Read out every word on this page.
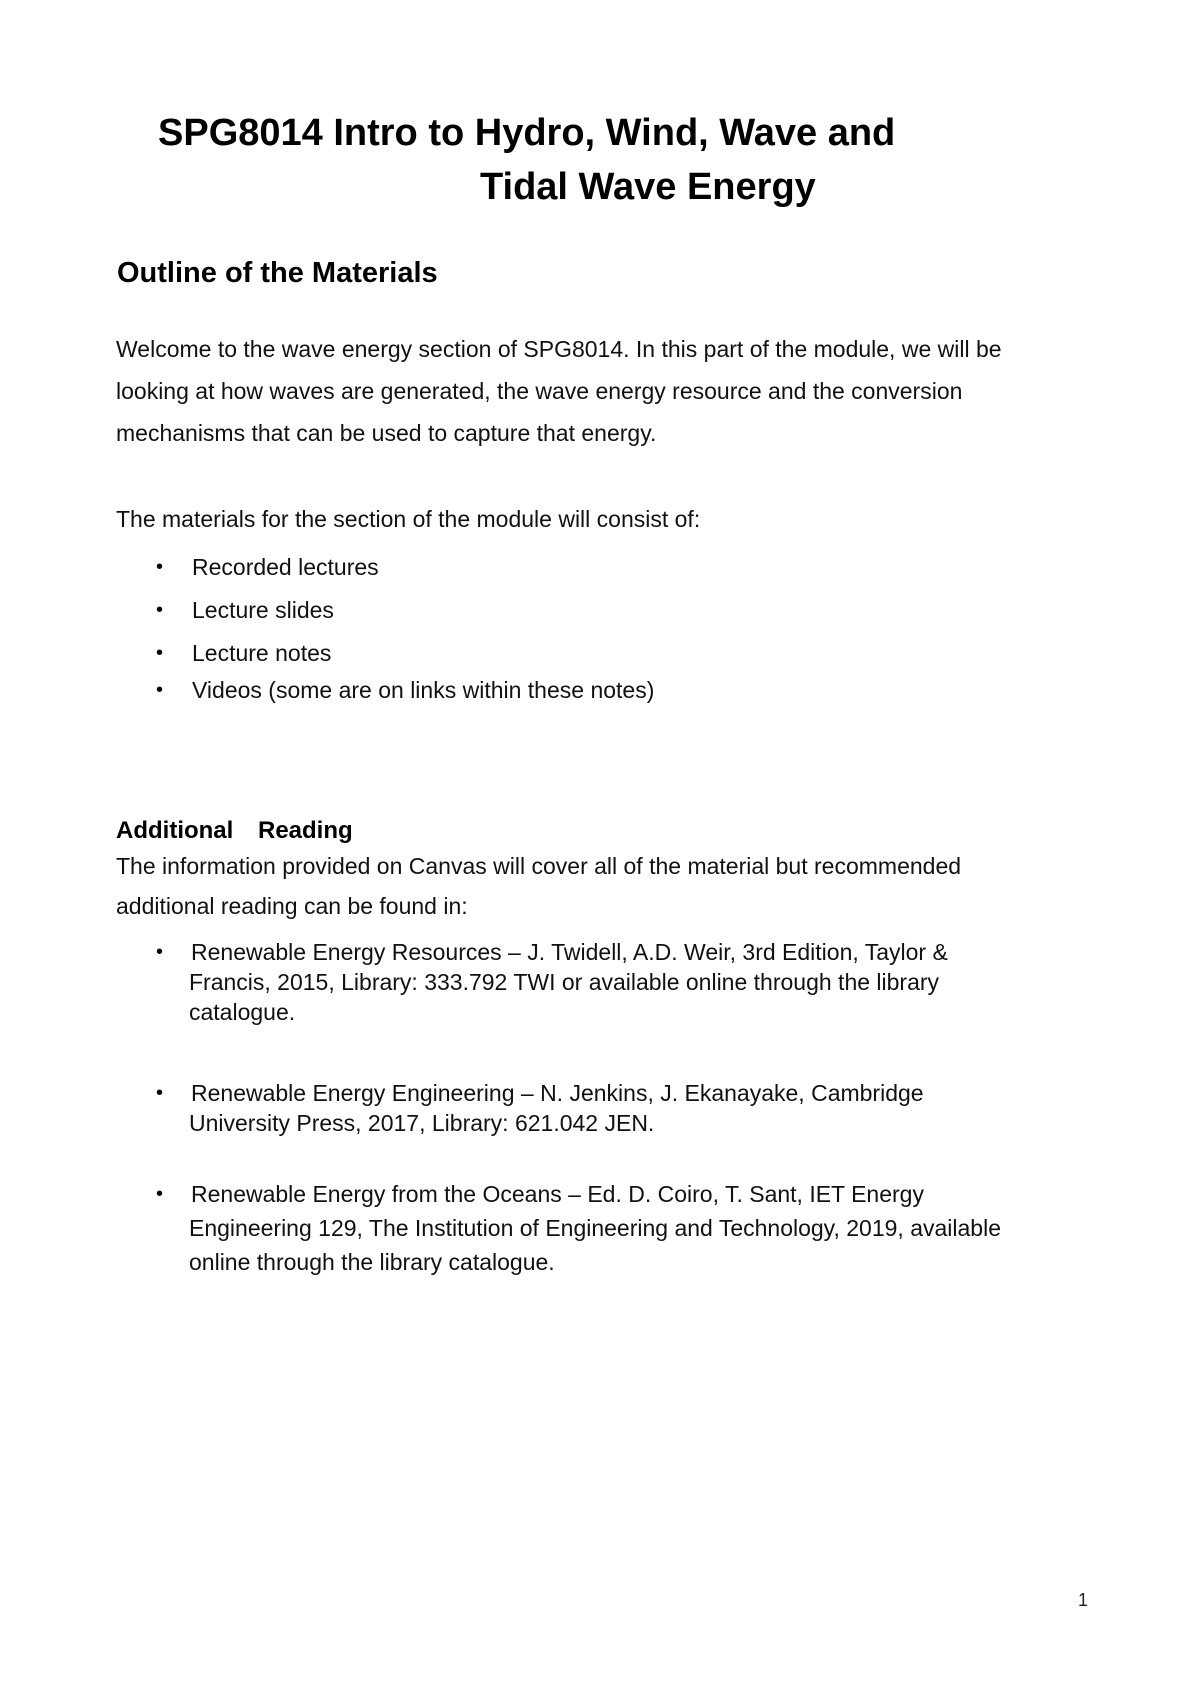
SPG8014 Intro to Hydro, Wind, Wave and
Tidal Wave Energy
Outline of the Materials
Welcome to the wave energy section of SPG8014. In this part of the module, we will be
looking at how waves are generated, the wave energy resource and the conversion
mechanisms that can be used to capture that energy.
The materials for the section of the module will consist of:
• Recorded lectures
• Lecture slides
• Lecture notes
• Videos (some are on links within these notes)
Additional Reading
The information provided on Canvas will cover all of the material but recommended
additional reading can be found in:
• Renewable Energy Resources – J. Twidell, A.D. Weir, 3rd Edition, Taylor &
Francis, 2015, Library: 333.792 TWI or available online through the library
catalogue.
• Renewable Energy Engineering – N. Jenkins, J. Ekanayake, Cambridge
University Press, 2017, Library: 621.042 JEN.
• Renewable Energy from the Oceans – Ed. D. Coiro, T. Sant, IET Energy
Engineering 129, The Institution of Engineering and Technology, 2019, available
online through the library catalogue.
1
